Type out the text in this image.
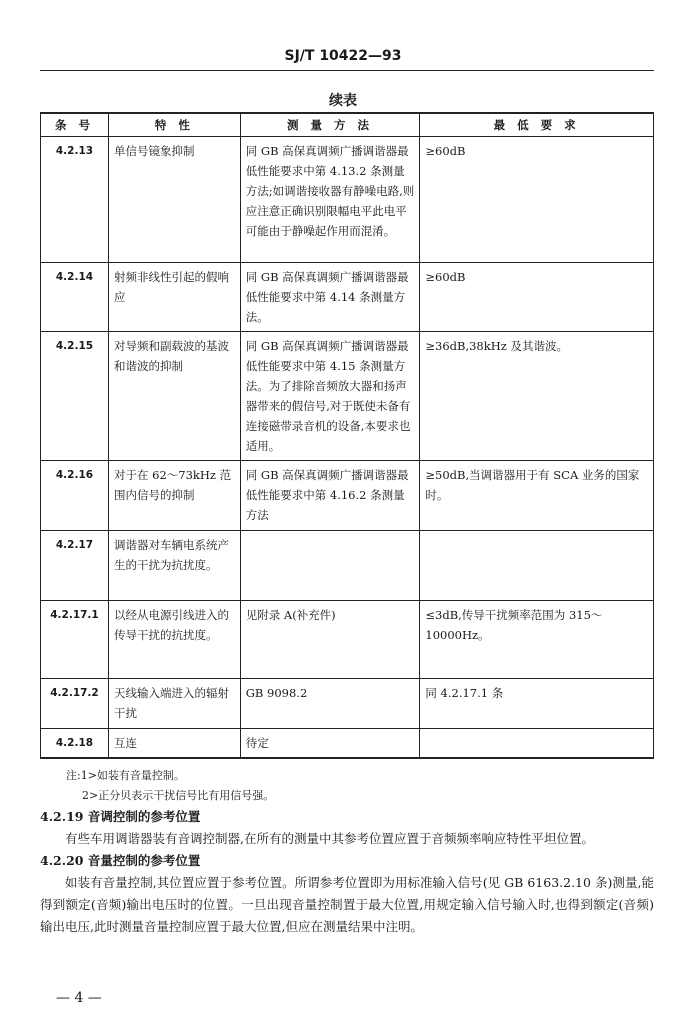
SJ/T 10422—93
续表
条 号	特 性	测 量 方 法	最 低 要 求
4.2.13	单信号镜象抑制	同 GB 高保真调频广播调谐器最低性能要求中第 4.13.2 条测量方法;如调谐接收器有静噪电路,则应注意正确识别限幅电平此电平可能由于静噪起作用而混淆。	≥60dB
4.2.14	射频非线性引起的假响应	同 GB 高保真调频广播调谐器最低性能要求中第 4.14 条测量方法。	≥60dB
4.2.15	对导频和副载波的基波和谐波的抑制	同 GB 高保真调频广播调谐器最低性能要求中第 4.15 条测量方法。为了排除音频放大器和扬声器带来的假信号,对于既使未备有连接磁带录音机的设备,本要求也适用。	≥36dB,38kHz 及其谐波。
4.2.16	对于在 62～73kHz 范围内信号的抑制	同 GB 高保真调频广播调谐器最低性能要求中第 4.16.2 条测量方法	≥50dB,当调谐器用于有 SCA 业务的国家时。
4.2.17	调谐器对车辆电系统产生的干扰为抗扰度。		
4.2.17.1	以经从电源引线进入的传导干扰的抗扰度。	见附录 A(补充件)	≤3dB,传导干扰频率范围为 315～10000Hz。
4.2.17.2	天线输入端进入的辐射干扰	GB 9098.2	同 4.2.17.1 条
4.2.18	互连	待定	
注:1>如装有音量控制。
2>正分贝表示干扰信号比有用信号强。
4.2.19 音调控制的参考位置
有些车用调谐器装有音调控制器,在所有的测量中其参考位置应置于音频频率响应特性平坦位置。
4.2.20 音量控制的参考位置
如装有音量控制,其位置应置于参考位置。所谓参考位置即为用标准输入信号(见 GB 6163.2.10 条)测量,能得到额定(音频)输出电压时的位置。一旦出现音量控制置于最大位置,用规定输入信号输入时,也得到额定(音频)输出电压,此时测量音量控制应置于最大位置,但应在测量结果中注明。
— 4 —
